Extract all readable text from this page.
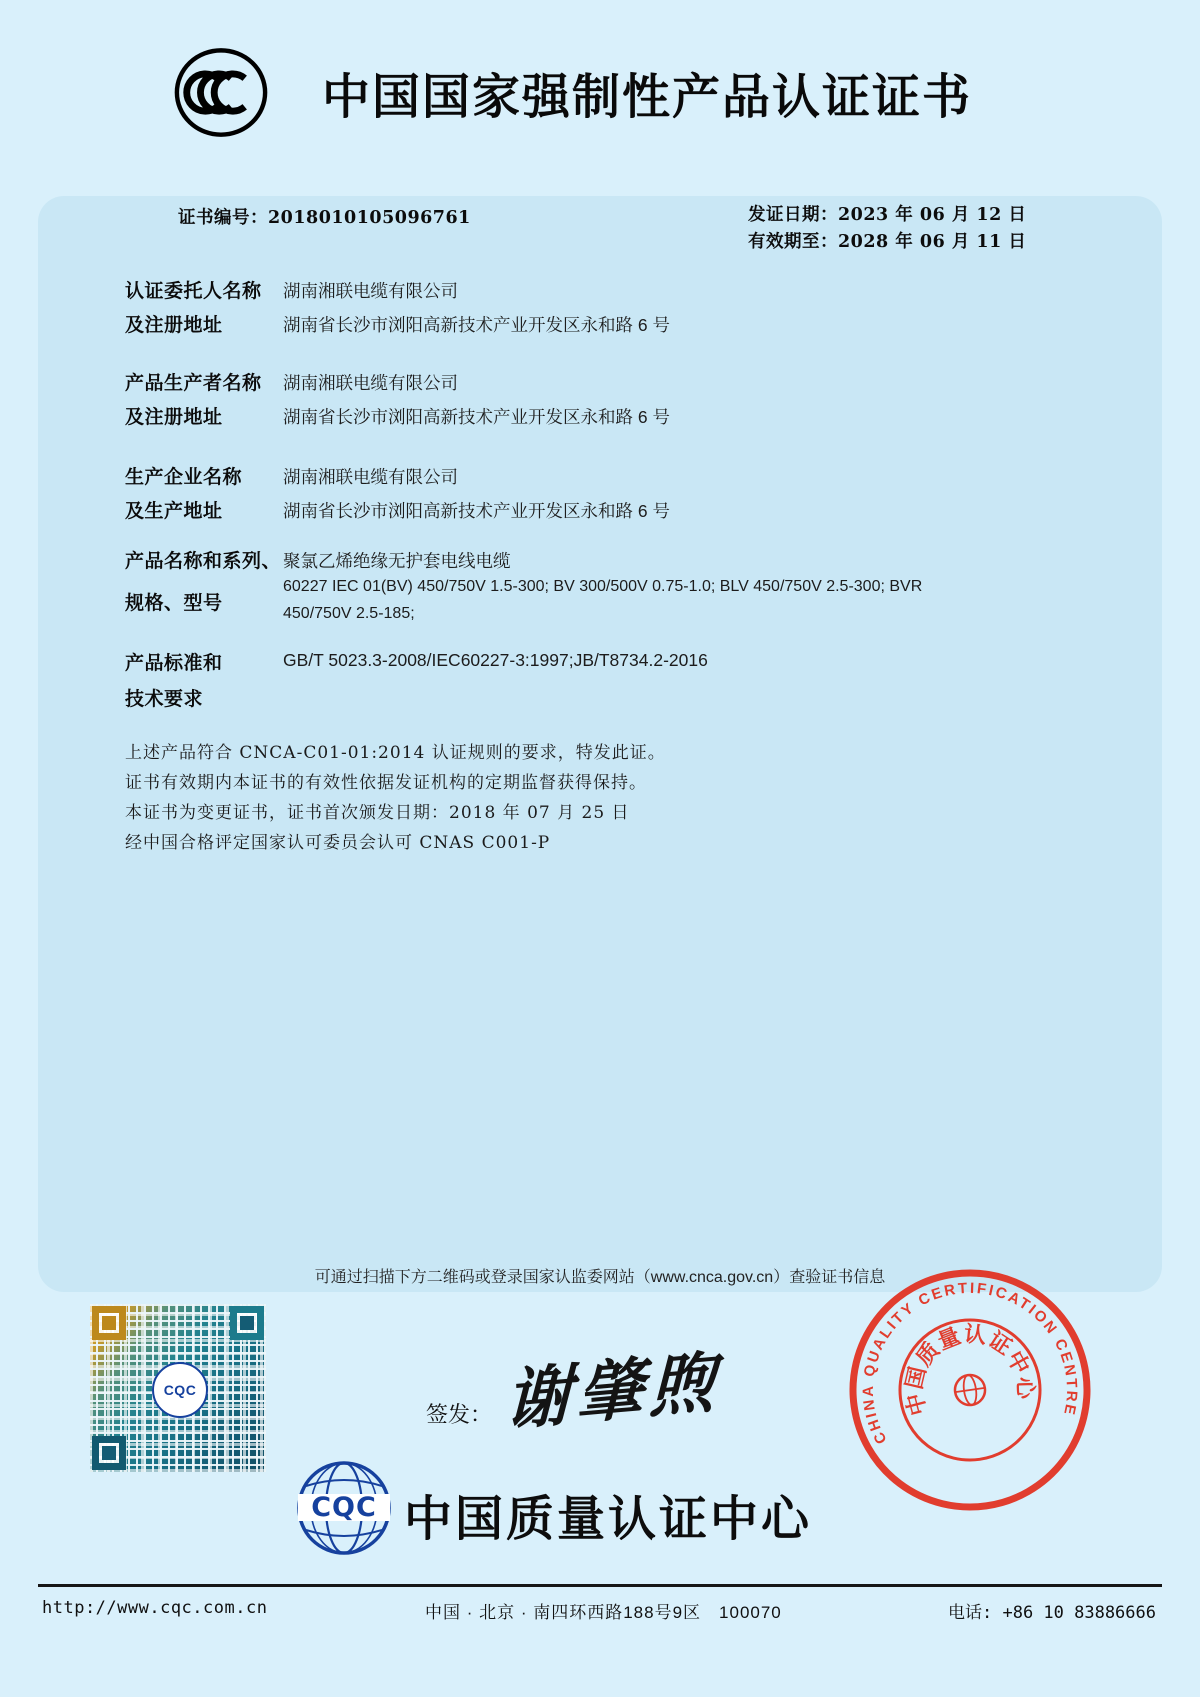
中国国家强制性产品认证证书
证书编号：2018010105096761	发证日期：2023 年 06 月 12 日
有效期至：2028 年 06 月 11 日
认证委托人名称 湖南湘联电缆有限公司
及注册地址	湖南省长沙市浏阳高新技术产业开发区永和路 6 号
产品生产者名称 湖南湘联电缆有限公司
及注册地址	湖南省长沙市浏阳高新技术产业开发区永和路 6 号
生产企业名称 湖南湘联电缆有限公司
及生产地址	湖南省长沙市浏阳高新技术产业开发区永和路 6 号
产品名称和系列、 聚氯乙烯绝缘无护套电线电缆
规格、型号
60227 IEC 01(BV) 450/750V 1.5-300; BV 300/500V 0.75-1.0; BLV 450/750V 2.5-300; BVR 450/750V 2.5-185;
产品标准和	GB/T 5023.3-2008/IEC60227-3:1997;JB/T8734.2-2016
技术要求
上述产品符合 CNCA-C01-01:2014 认证规则的要求，特发此证。
证书有效期内本证书的有效性依据发证机构的定期监督获得保持。
本证书为变更证书，证书首次颁发日期：2018 年 07 月 25 日
经中国合格评定国家认可委员会认可 CNAS C001-P
可通过扫描下方二维码或登录国家认监委网站（www.cnca.gov.cn）查验证书信息
CQC
签发： 谢肇煦
CQC 中国质量认证中心
CHINA QUALITY CERTIFICATION CENTRE
中国质量认证中心
http://www.cqc.com.cn	中国 · 北京 · 南四环西路188号9区　100070	电话: +86 10 83886666
